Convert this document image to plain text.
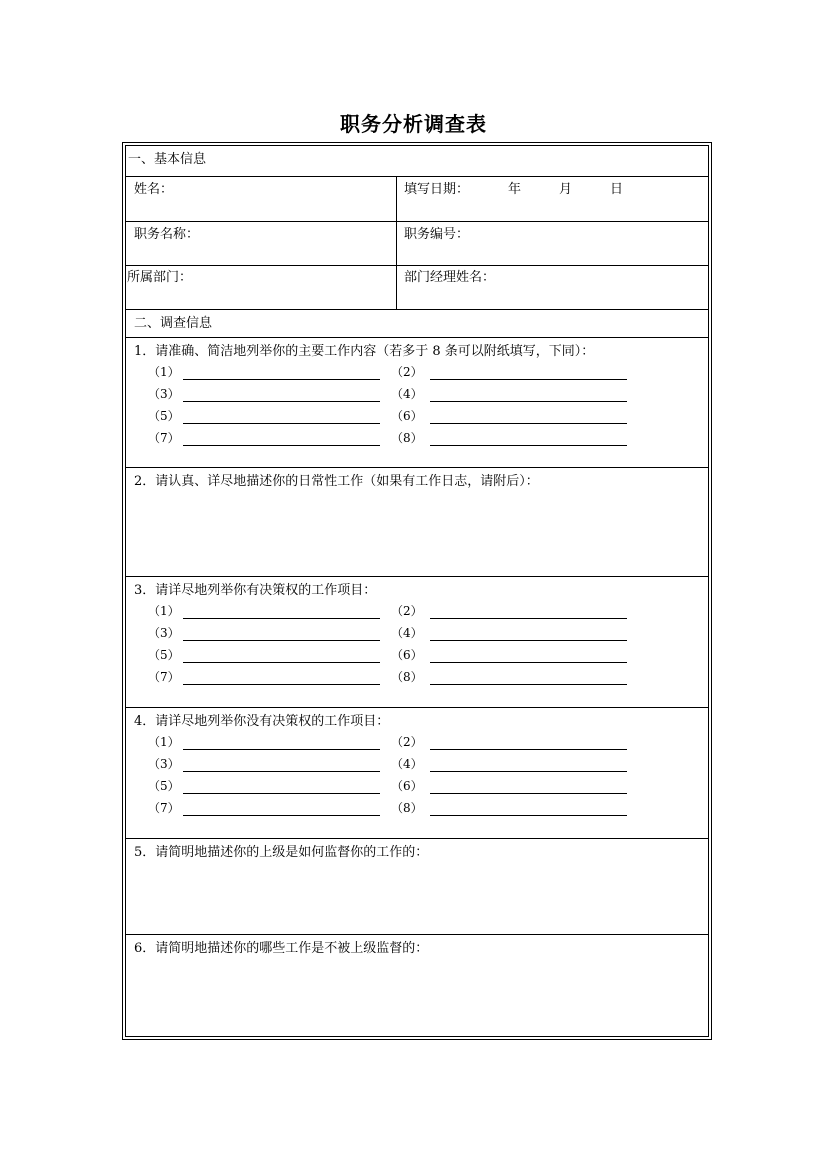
职务分析调查表
一、基本信息
姓名：	填写日期：	年	月	日
职务名称：	职务编号：
所属部门：	部门经理姓名：
二、调查信息
1．请准确、简洁地列举你的主要工作内容（若多于 8 条可以附纸填写，下同）：
（1）	（2）
（3）	（4）
（5）	（6）
（7）	（8）
2．请认真、详尽地描述你的日常性工作（如果有工作日志，请附后）：
3．请详尽地列举你有决策权的工作项目：
（1）	（2）
（3）	（4）
（5）	（6）
（7）	（8）
4．请详尽地列举你没有决策权的工作项目：
（1）	（2）
（3）	（4）
（5）	（6）
（7）	（8）
5．请简明地描述你的上级是如何监督你的工作的：
6．请简明地描述你的哪些工作是不被上级监督的：
